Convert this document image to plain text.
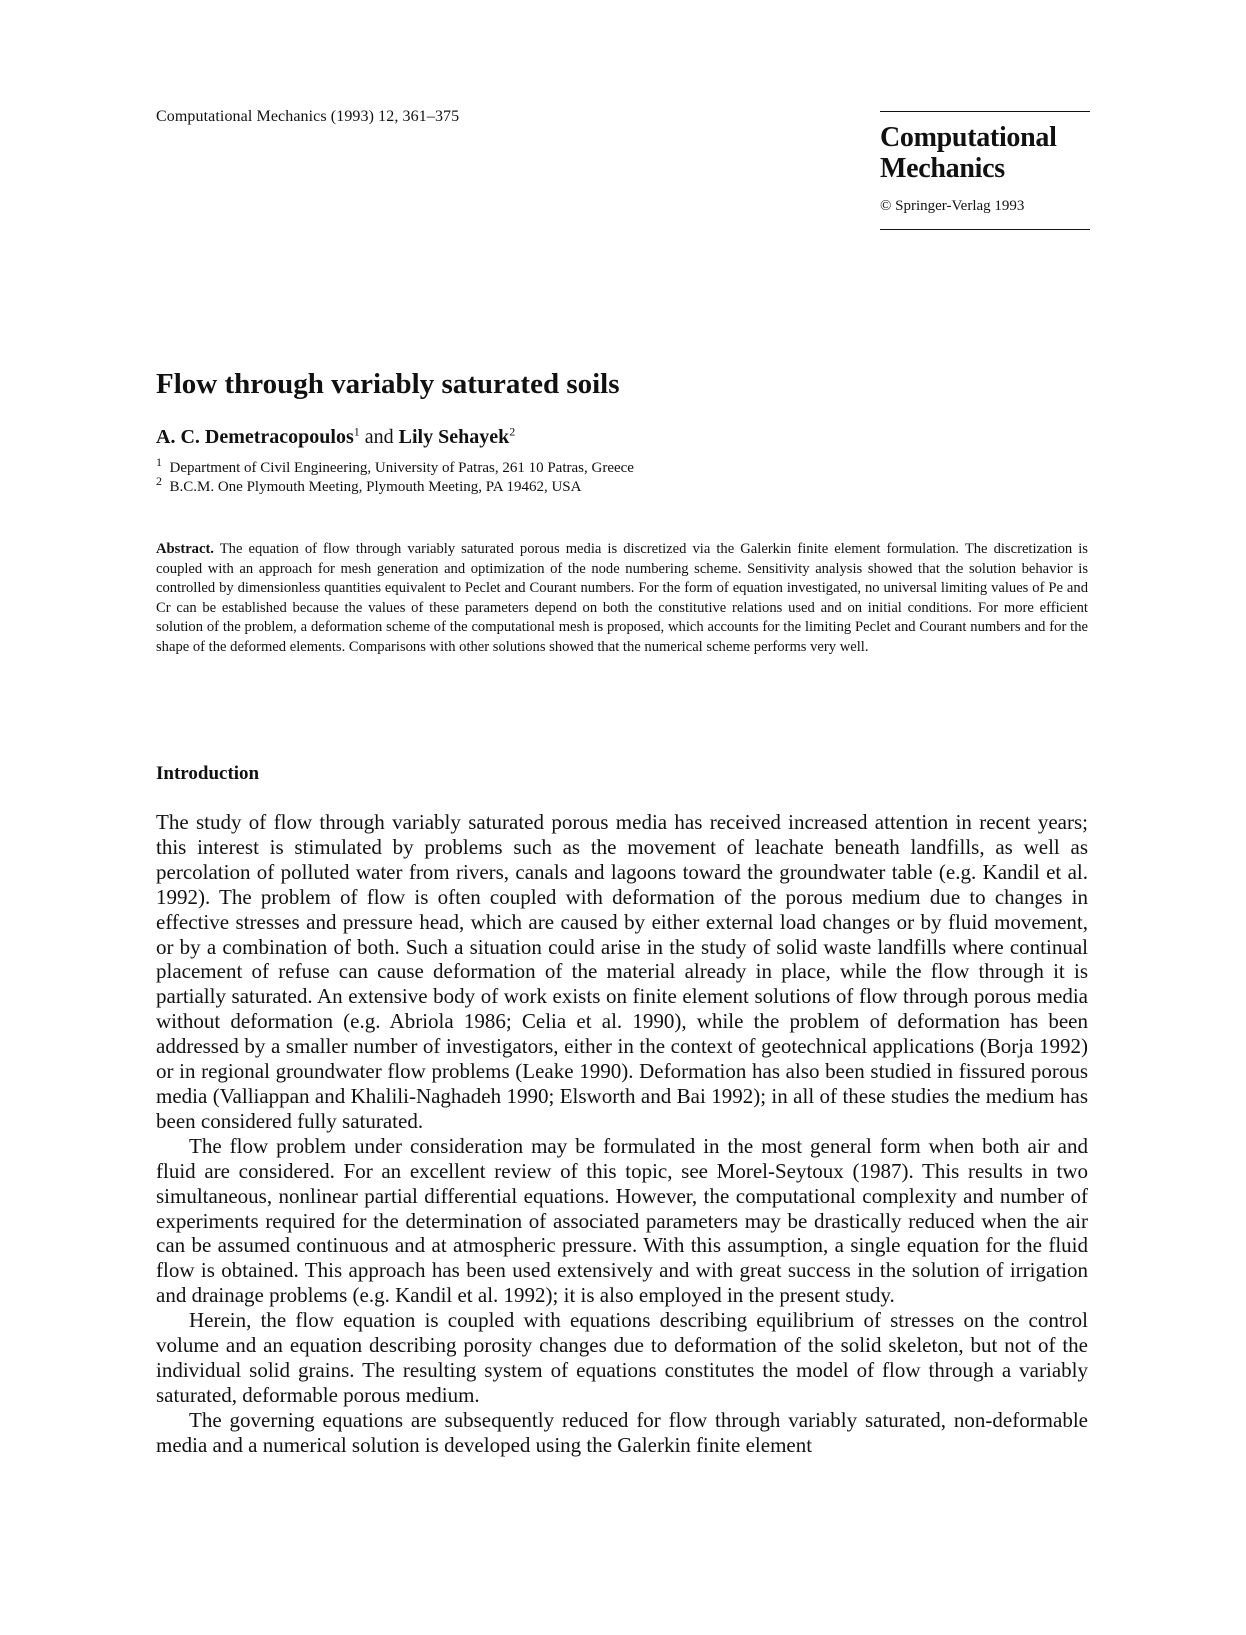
Computational Mechanics (1993) 12, 361–375
Computational
Mechanics
© Springer-Verlag 1993
Flow through variably saturated soils
A. C. Demetracopoulos$^1$ and Lily Sehayek$^2$
$^1$ Department of Civil Engineering, University of Patras, 261 10 Patras, Greece
$^2$ B.C.M. One Plymouth Meeting, Plymouth Meeting, PA 19462, USA
Abstract. The equation of flow through variably saturated porous media is discretized via the Galerkin finite element formulation. The discretization is coupled with an approach for mesh generation and optimization of the node numbering scheme. Sensitivity analysis showed that the solution behavior is controlled by dimensionless quantities equivalent to Peclet and Courant numbers. For the form of equation investigated, no universal limiting values of Pe and Cr can be established because the values of these parameters depend on both the constitutive relations used and on initial conditions. For more efficient solution of the problem, a deformation scheme of the computational mesh is proposed, which accounts for the limiting Peclet and Courant numbers and for the shape of the deformed elements. Comparisons with other solutions showed that the numerical scheme performs very well.
Introduction

The study of flow through variably saturated porous media has received increased attention in recent years; this interest is stimulated by problems such as the movement of leachate beneath landfills, as well as percolation of polluted water from rivers, canals and lagoons toward the groundwater table (e.g. Kandil et al. 1992). The problem of flow is often coupled with deformation of the porous medium due to changes in effective stresses and pressure head, which are caused by either external load changes or by fluid movement, or by a combination of both. Such a situation could arise in the study of solid waste landfills where continual placement of refuse can cause deformation of the material already in place, while the flow through it is partially saturated. An extensive body of work exists on finite element solutions of flow through porous media without deformation (e.g. Abriola 1986; Celia et al. 1990), while the problem of deformation has been addressed by a smaller number of investigators, either in the context of geotechnical applications (Borja 1992) or in regional groundwater flow problems (Leake 1990). Deformation has also been studied in fissured porous media (Valliappan and Khalili-Naghadeh 1990; Elsworth and Bai 1992); in all of these studies the medium has been considered fully saturated.

The flow problem under consideration may be formulated in the most general form when both air and fluid are considered. For an excellent review of this topic, see Morel-Seytoux (1987). This results in two simultaneous, nonlinear partial differential equations. However, the computational complexity and number of experiments required for the determination of associated parameters may be drastically reduced when the air can be assumed continuous and at atmospheric pressure. With this assumption, a single equation for the fluid flow is obtained. This approach has been used extensively and with great success in the solution of irrigation and drainage problems (e.g. Kandil et al. 1992); it is also employed in the present study.

Herein, the flow equation is coupled with equations describing equilibrium of stresses on the control volume and an equation describing porosity changes due to deformation of the solid skeleton, but not of the individual solid grains. The resulting system of equations constitutes the model of flow through a variably saturated, deformable porous medium.

The governing equations are subsequently reduced for flow through variably saturated, non-deformable media and a numerical solution is developed using the Galerkin finite element
